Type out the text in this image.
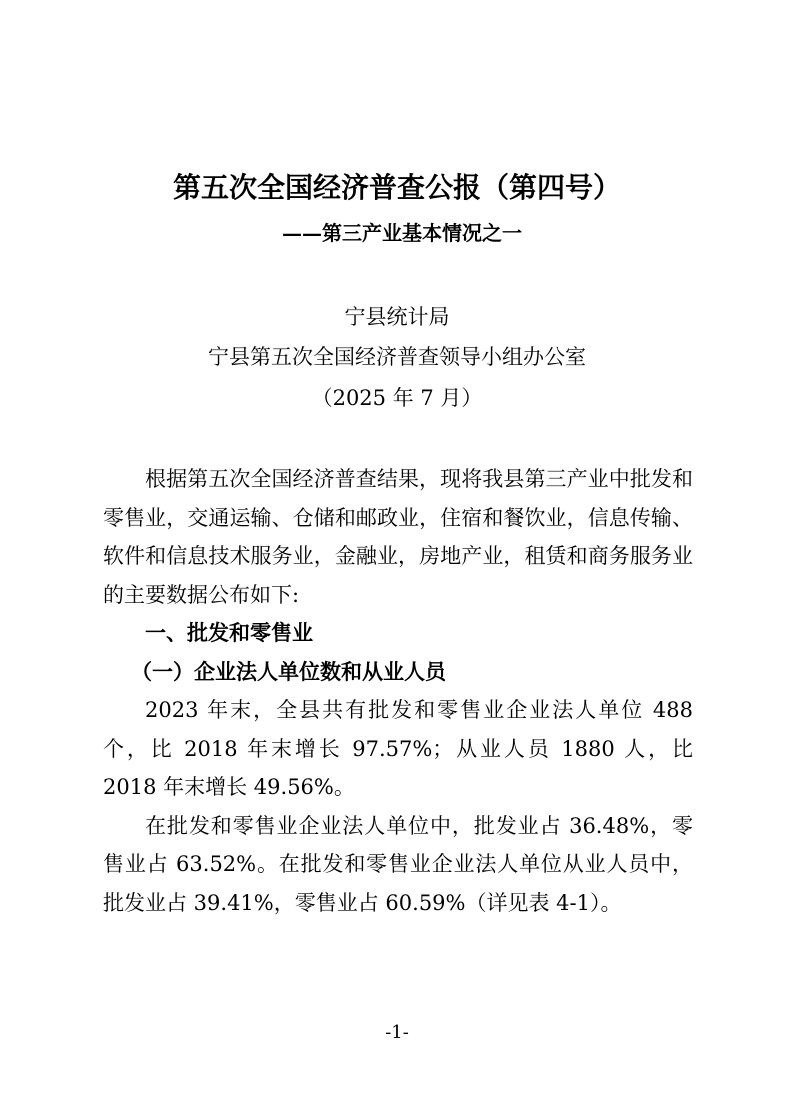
第五次全国经济普查公报（第四号）
——第三产业基本情况之一
宁县统计局
宁县第五次全国经济普查领导小组办公室
（2025 年 7 月）

根据第五次全国经济普查结果，现将我县第三产业中批发和零售业，交通运输、仓储和邮政业，住宿和餐饮业，信息传输、软件和信息技术服务业，金融业，房地产业，租赁和商务服务业的主要数据公布如下:

一、批发和零售业
（一）企业法人单位数和从业人员

2023 年末，全县共有批发和零售业企业法人单位 488 个，比 2018 年末增长 97.57%；从业人员 1880 人，比 2018 年末增长 49.56%。

在批发和零售业企业法人单位中，批发业占 36.48%，零售业占 63.52%。在批发和零售业企业法人单位从业人员中，批发业占 39.41%，零售业占 60.59%（详见表 4-1）。

-1-
